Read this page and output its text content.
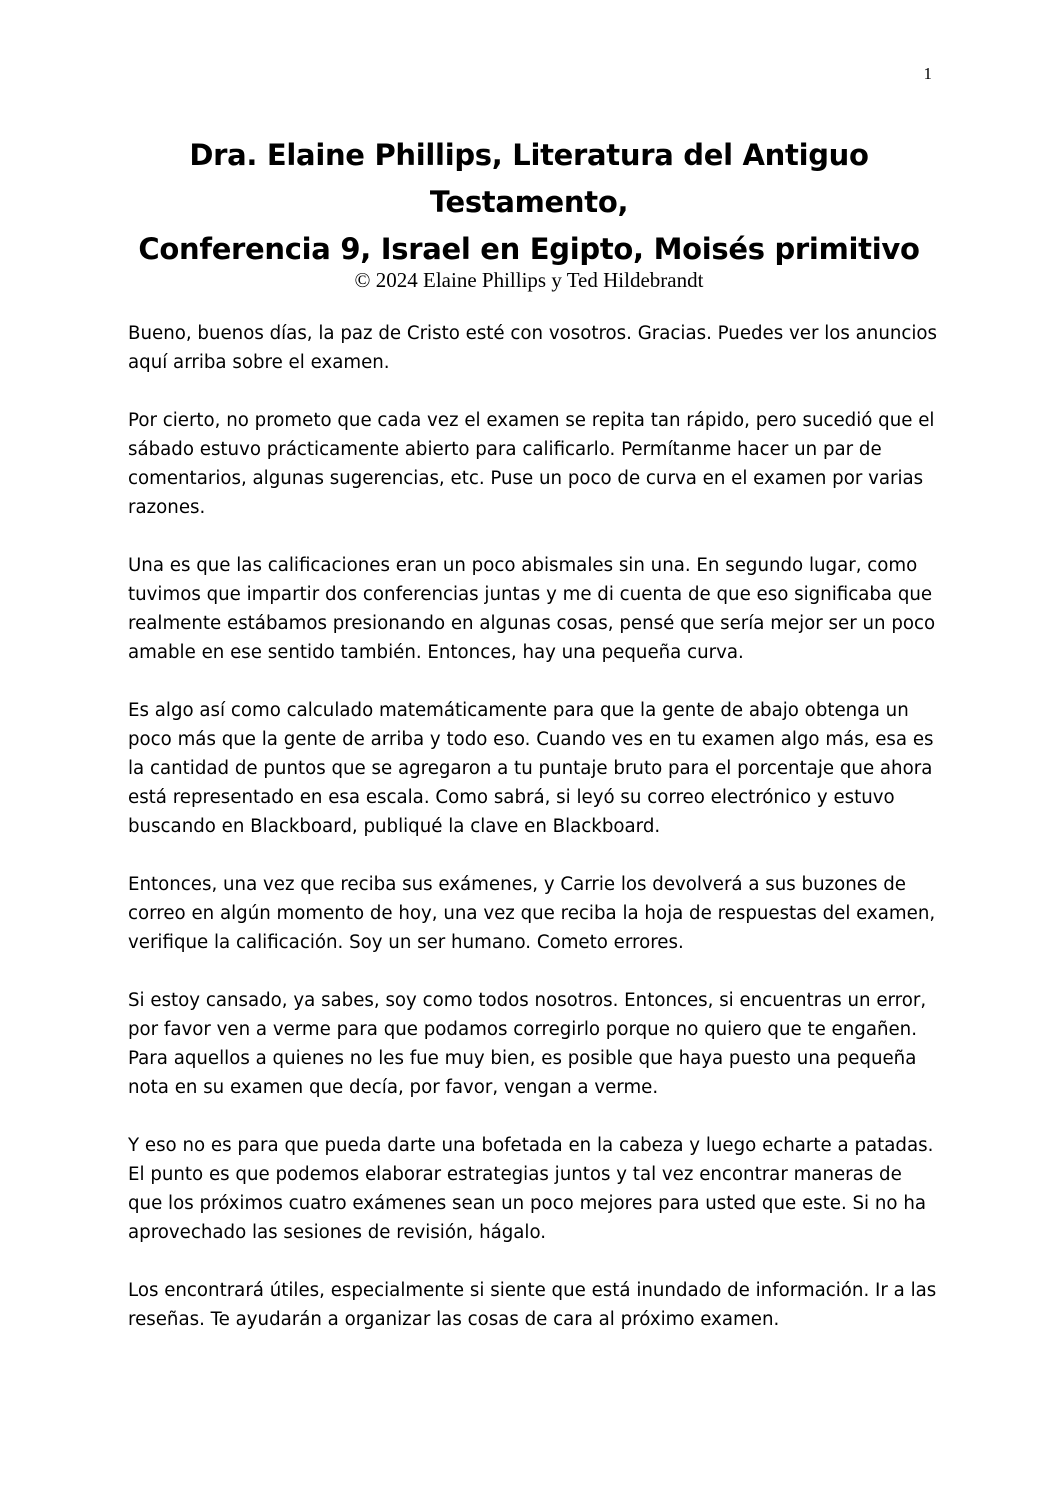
1
Dra. Elaine Phillips, Literatura del Antiguo
Testamento,
Conferencia 9, Israel en Egipto, Moisés primitivo
© 2024 Elaine Phillips y Ted Hildebrandt

Bueno, buenos días, la paz de Cristo esté con vosotros. Gracias. Puedes ver los anuncios aquí arriba sobre el examen.

Por cierto, no prometo que cada vez el examen se repita tan rápido, pero sucedió que el sábado estuvo prácticamente abierto para calificarlo. Permítanme hacer un par de comentarios, algunas sugerencias, etc. Puse un poco de curva en el examen por varias razones.

Una es que las calificaciones eran un poco abismales sin una. En segundo lugar, como tuvimos que impartir dos conferencias juntas y me di cuenta de que eso significaba que realmente estábamos presionando en algunas cosas, pensé que sería mejor ser un poco amable en ese sentido también. Entonces, hay una pequeña curva.

Es algo así como calculado matemáticamente para que la gente de abajo obtenga un poco más que la gente de arriba y todo eso. Cuando ves en tu examen algo más, esa es la cantidad de puntos que se agregaron a tu puntaje bruto para el porcentaje que ahora está representado en esa escala. Como sabrá, si leyó su correo electrónico y estuvo buscando en Blackboard, publiqué la clave en Blackboard.

Entonces, una vez que reciba sus exámenes, y Carrie los devolverá a sus buzones de correo en algún momento de hoy, una vez que reciba la hoja de respuestas del examen, verifique la calificación. Soy un ser humano. Cometo errores.

Si estoy cansado, ya sabes, soy como todos nosotros. Entonces, si encuentras un error, por favor ven a verme para que podamos corregirlo porque no quiero que te engañen. Para aquellos a quienes no les fue muy bien, es posible que haya puesto una pequeña nota en su examen que decía, por favor, vengan a verme.

Y eso no es para que pueda darte una bofetada en la cabeza y luego echarte a patadas. El punto es que podemos elaborar estrategias juntos y tal vez encontrar maneras de que los próximos cuatro exámenes sean un poco mejores para usted que este. Si no ha aprovechado las sesiones de revisión, hágalo.

Los encontrará útiles, especialmente si siente que está inundado de información. Ir a las reseñas. Te ayudarán a organizar las cosas de cara al próximo examen.
